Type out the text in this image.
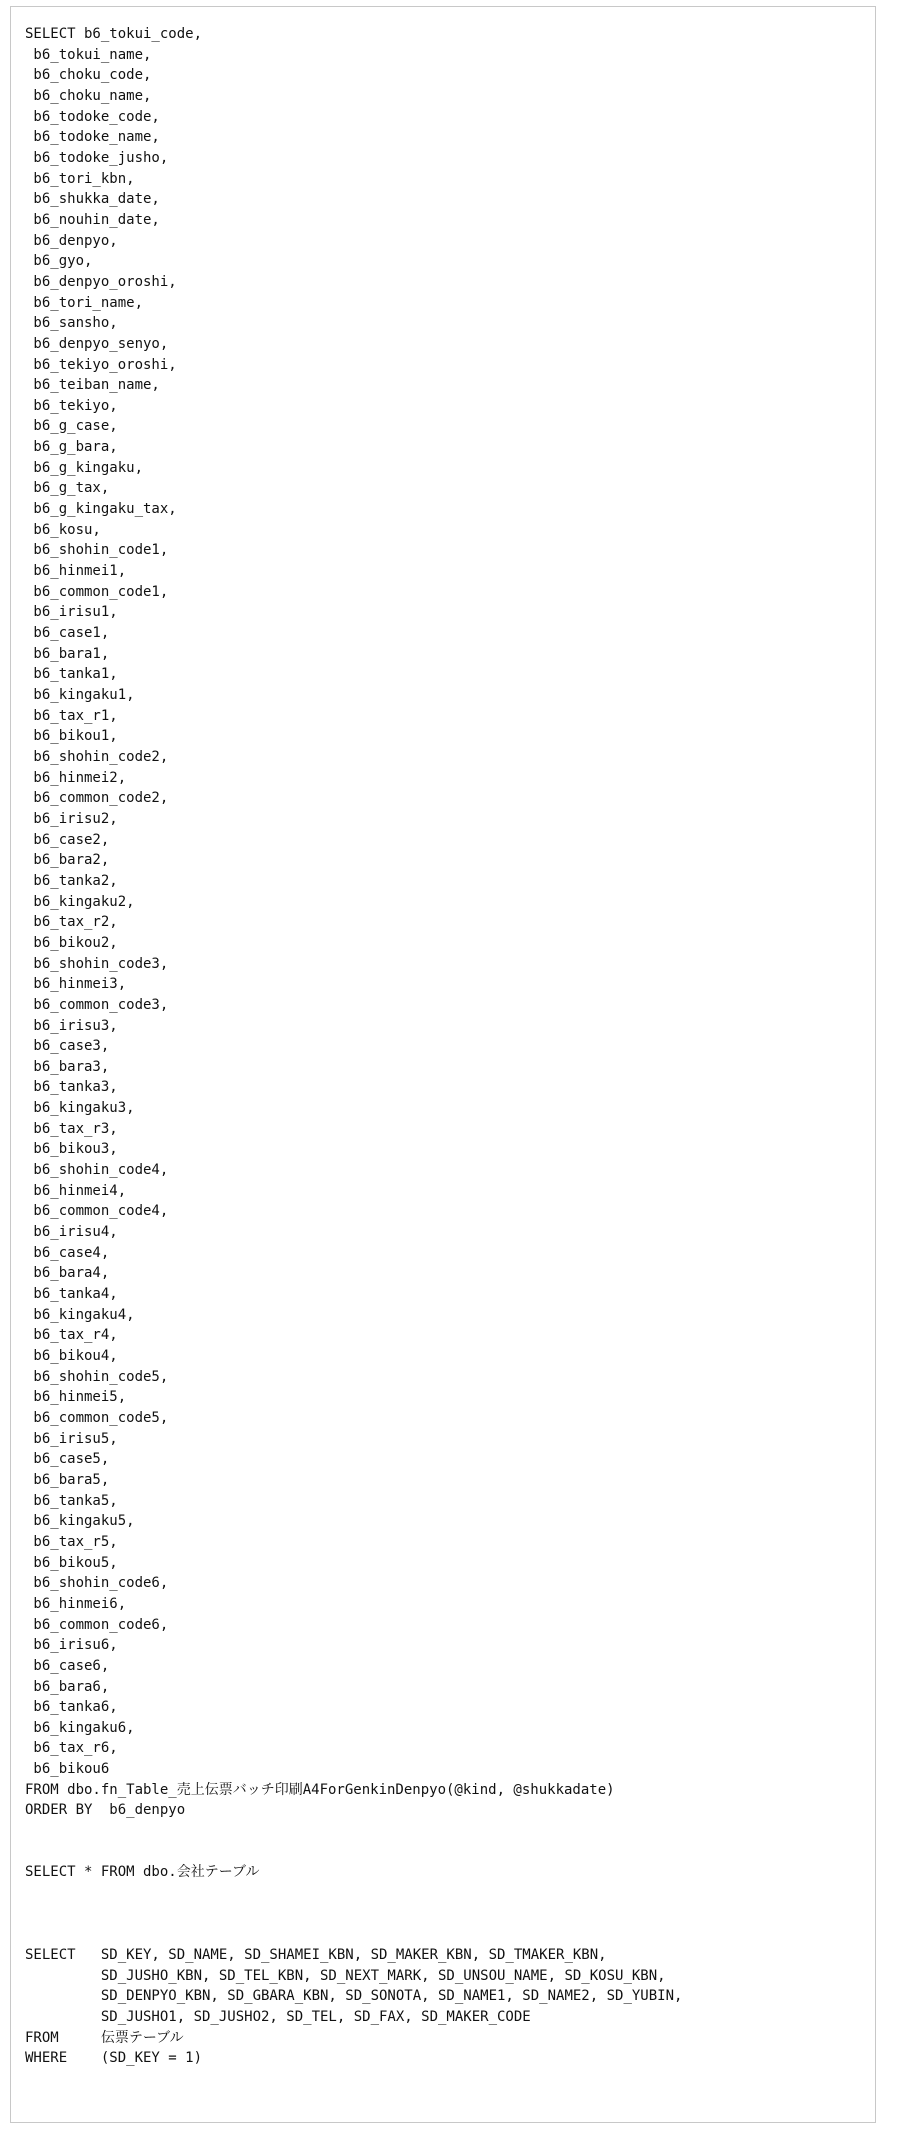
SELECT b6_tokui_code,
b6_tokui_name,
b6_choku_code,
b6_choku_name,
b6_todoke_code,
b6_todoke_name,
b6_todoke_jusho,
b6_tori_kbn,
b6_shukka_date,
b6_nouhin_date,
b6_denpyo,
b6_gyo,
b6_denpyo_oroshi,
b6_tori_name,
b6_sansho,
b6_denpyo_senyo,
b6_tekiyo_oroshi,
b6_teiban_name,
b6_tekiyo,
b6_g_case,
b6_g_bara,
b6_g_kingaku,
b6_g_tax,
b6_g_kingaku_tax,
b6_kosu,
b6_shohin_code1,
b6_hinmei1,
b6_common_code1,
b6_irisu1,
b6_case1,
b6_bara1,
b6_tanka1,
b6_kingaku1,
b6_tax_r1,
b6_bikou1,
b6_shohin_code2,
b6_hinmei2,
b6_common_code2,
b6_irisu2,
b6_case2,
b6_bara2,
b6_tanka2,
b6_kingaku2,
b6_tax_r2,
b6_bikou2,
b6_shohin_code3,
b6_hinmei3,
b6_common_code3,
b6_irisu3,
b6_case3,
b6_bara3,
b6_tanka3,
b6_kingaku3,
b6_tax_r3,
b6_bikou3,
b6_shohin_code4,
b6_hinmei4,
b6_common_code4,
b6_irisu4,
b6_case4,
b6_bara4,
b6_tanka4,
b6_kingaku4,
b6_tax_r4,
b6_bikou4,
b6_shohin_code5,
b6_hinmei5,
b6_common_code5,
b6_irisu5,
b6_case5,
b6_bara5,
b6_tanka5,
b6_kingaku5,
b6_tax_r5,
b6_bikou5,
b6_shohin_code6,
b6_hinmei6,
b6_common_code6,
b6_irisu6,
b6_case6,
b6_bara6,
b6_tanka6,
b6_kingaku6,
b6_tax_r6,
b6_bikou6
FROM dbo.fn_Table_売上伝票バッチ印刷A4ForGenkinDenpyo(@kind, @shukkadate)
ORDER BY  b6_denpyo

SELECT * FROM dbo.会社テーブル

SELECT   SD_KEY, SD_NAME, SD_SHAMEI_KBN, SD_MAKER_KBN, SD_TMAKER_KBN,
SD_JUSHO_KBN, SD_TEL_KBN, SD_NEXT_MARK, SD_UNSOU_NAME, SD_KOSU_KBN,
SD_DENPYO_KBN, SD_GBARA_KBN, SD_SONOTA, SD_NAME1, SD_NAME2, SD_YUBIN,
SD_JUSHO1, SD_JUSHO2, SD_TEL, SD_FAX, SD_MAKER_CODE
FROM     伝票テーブル
WHERE    (SD_KEY = 1)
